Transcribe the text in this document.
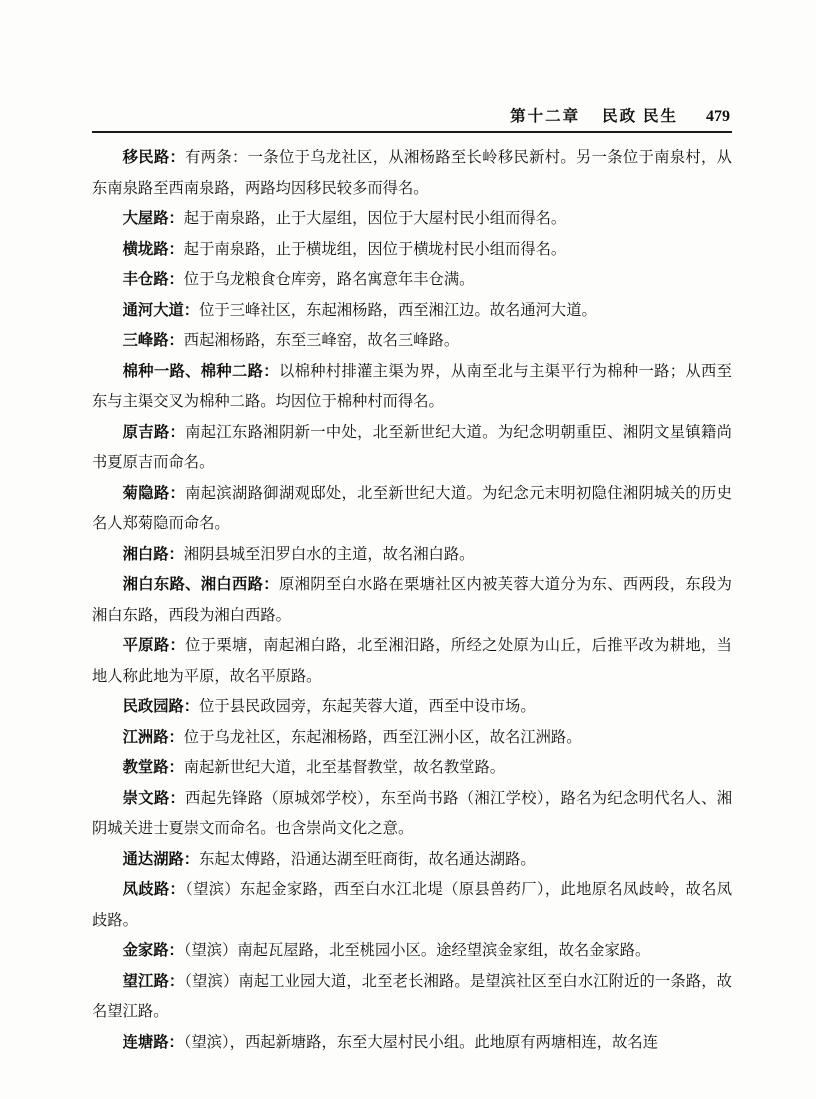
第十二章 民政 民生 479

移民路：有两条：一条位于乌龙社区，从湘杨路至长岭移民新村。另一条位于南泉村，从东南泉路至西南泉路，两路均因移民较多而得名。

大屋路：起于南泉路，止于大屋组，因位于大屋村民小组而得名。

横垅路：起于南泉路，止于横垅组，因位于横垅村民小组而得名。

丰仓路：位于乌龙粮食仓库旁，路名寓意年丰仓满。

通河大道：位于三峰社区，东起湘杨路，西至湘江边。故名通河大道。

三峰路：西起湘杨路，东至三峰窑，故名三峰路。

棉种一路、棉种二路：以棉种村排灌主渠为界，从南至北与主渠平行为棉种一路；从西至东与主渠交叉为棉种二路。均因位于棉种村而得名。

原吉路：南起江东路湘阴新一中处，北至新世纪大道。为纪念明朝重臣、湘阴文星镇籍尚书夏原吉而命名。

菊隐路：南起滨湖路御湖观邸处，北至新世纪大道。为纪念元末明初隐住湘阴城关的历史名人郑菊隐而命名。

湘白路：湘阴县城至汨罗白水的主道，故名湘白路。

湘白东路、湘白西路：原湘阴至白水路在栗塘社区内被芙蓉大道分为东、西两段，东段为湘白东路，西段为湘白西路。

平原路：位于栗塘，南起湘白路，北至湘汨路，所经之处原为山丘，后推平改为耕地，当地人称此地为平原，故名平原路。

民政园路：位于县民政园旁，东起芙蓉大道，西至中设市场。

江洲路：位于乌龙社区，东起湘杨路，西至江洲小区，故名江洲路。

教堂路：南起新世纪大道，北至基督教堂，故名教堂路。

崇文路：西起先锋路（原城郊学校），东至尚书路（湘江学校），路名为纪念明代名人、湘阴城关进士夏崇文而命名。也含崇尚文化之意。

通达湖路：东起太傅路，沿通达湖至旺商街，故名通达湖路。

凤歧路：（望滨）东起金家路，西至白水江北堤（原县兽药厂），此地原名凤歧岭，故名凤歧路。

金家路：（望滨）南起瓦屋路，北至桃园小区。途经望滨金家组，故名金家路。

望江路：（望滨）南起工业园大道，北至老长湘路。是望滨社区至白水江附近的一条路，故名望江路。

连塘路：（望滨），西起新塘路，东至大屋村民小组。此地原有两塘相连，故名连
